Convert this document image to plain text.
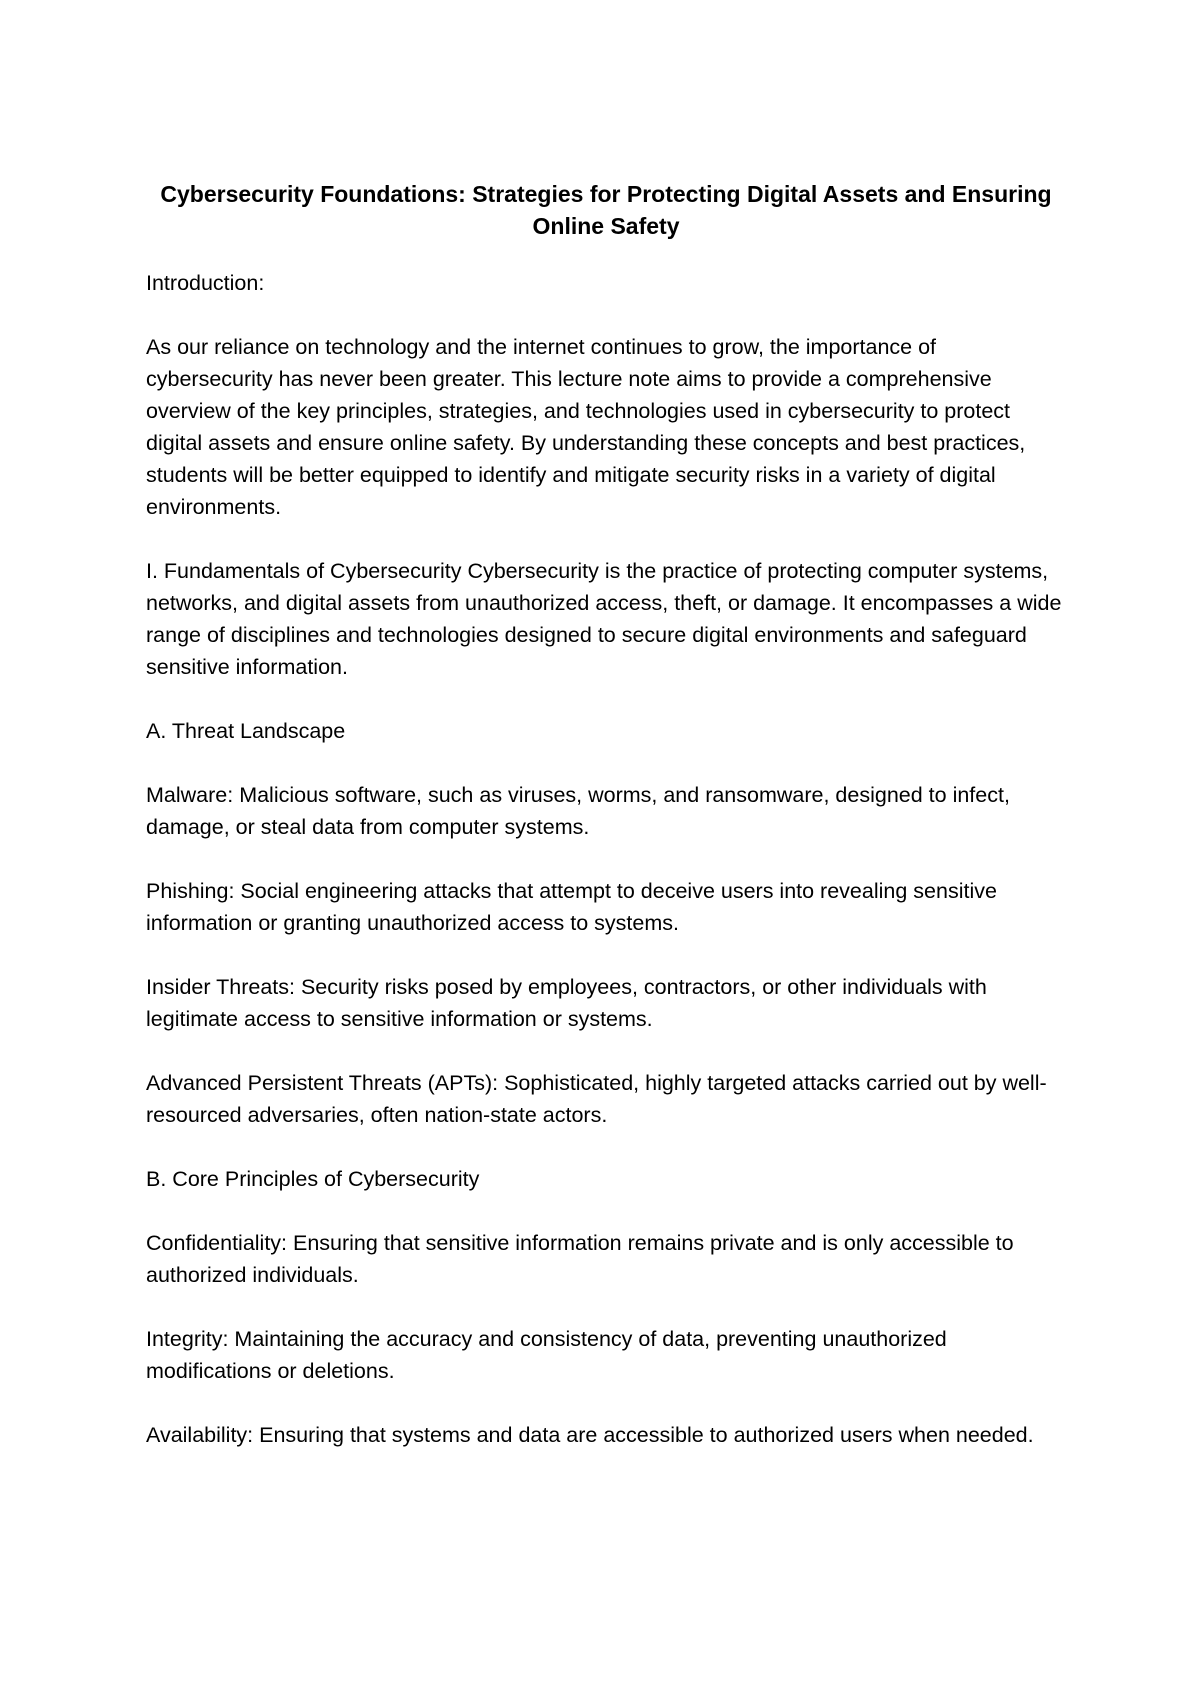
Cybersecurity Foundations: Strategies for Protecting Digital Assets and Ensuring Online Safety

Introduction:

As our reliance on technology and the internet continues to grow, the importance of cybersecurity has never been greater. This lecture note aims to provide a comprehensive overview of the key principles, strategies, and technologies used in cybersecurity to protect digital assets and ensure online safety. By understanding these concepts and best practices, students will be better equipped to identify and mitigate security risks in a variety of digital environments.

I. Fundamentals of Cybersecurity Cybersecurity is the practice of protecting computer systems, networks, and digital assets from unauthorized access, theft, or damage. It encompasses a wide range of disciplines and technologies designed to secure digital environments and safeguard sensitive information.

A. Threat Landscape

Malware: Malicious software, such as viruses, worms, and ransomware, designed to infect, damage, or steal data from computer systems.

Phishing: Social engineering attacks that attempt to deceive users into revealing sensitive information or granting unauthorized access to systems.

Insider Threats: Security risks posed by employees, contractors, or other individuals with legitimate access to sensitive information or systems.

Advanced Persistent Threats (APTs): Sophisticated, highly targeted attacks carried out by well-resourced adversaries, often nation-state actors.

B. Core Principles of Cybersecurity

Confidentiality: Ensuring that sensitive information remains private and is only accessible to authorized individuals.

Integrity: Maintaining the accuracy and consistency of data, preventing unauthorized modifications or deletions.

Availability: Ensuring that systems and data are accessible to authorized users when needed.
